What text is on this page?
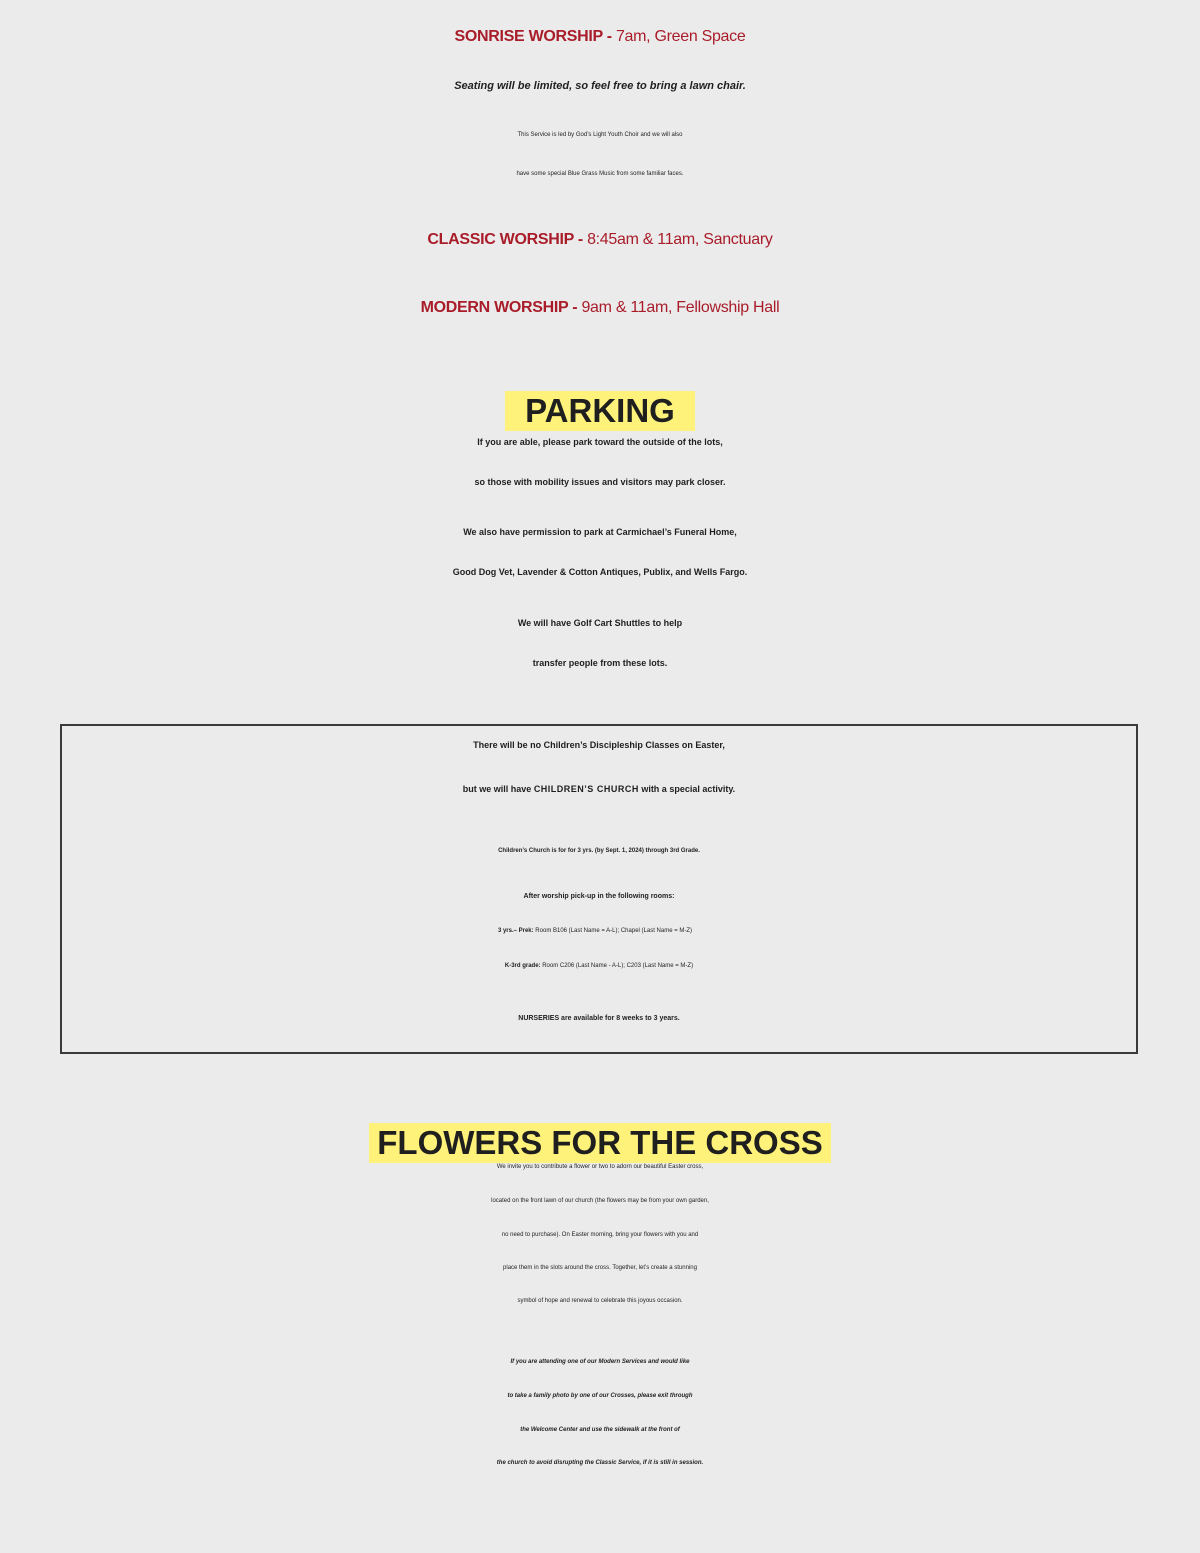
SONRISE WORSHIP - 7am, Green Space
Seating will be limited, so feel free to bring a lawn chair.
This Service is led by God’s Light Youth Choir and we will also
have some special Blue Grass Music from some familiar faces.
CLASSIC WORSHIP - 8:45am & 11am, Sanctuary
MODERN WORSHIP - 9am & 11am, Fellowship Hall
PARKING
If you are able, please park toward the outside of the lots,
so those with mobility issues and visitors may park closer.
We also have permission to park at Carmichael’s Funeral Home,
Good Dog Vet, Lavender & Cotton Antiques, Publix, and Wells Fargo.
We will have Golf Cart Shuttles to help
transfer people from these lots.
There will be no Children’s Discipleship Classes on Easter,
but we will have CHILDREN’S CHURCH with a special activity.
Children’s Church is for for 3 yrs. (by Sept. 1, 2024) through 3rd Grade.
After worship pick-up in the following rooms:
3 yrs.– Prek: Room B106 (Last Name = A-L); Chapel (Last Name = M-Z)
K-3rd grade: Room C206 (Last Name - A-L); C203 (Last Name = M-Z)
NURSERIES are available for 8 weeks to 3 years.
FLOWERS FOR THE CROSS
We invite you to contribute a flower or two to adorn our beautiful Easter cross,
located on the front lawn of our church (the flowers may be from your own garden,
no need to purchase). On Easter morning, bring your flowers with you and
place them in the slots around the cross. Together, let’s create a stunning
symbol of hope and renewal to celebrate this joyous occasion.
If you are attending one of our Modern Services and would like
to take a family photo by one of our Crosses, please exit through
the Welcome Center and use the sidewalk at the front of
the church to avoid disrupting the Classic Service, if it is still in session.
